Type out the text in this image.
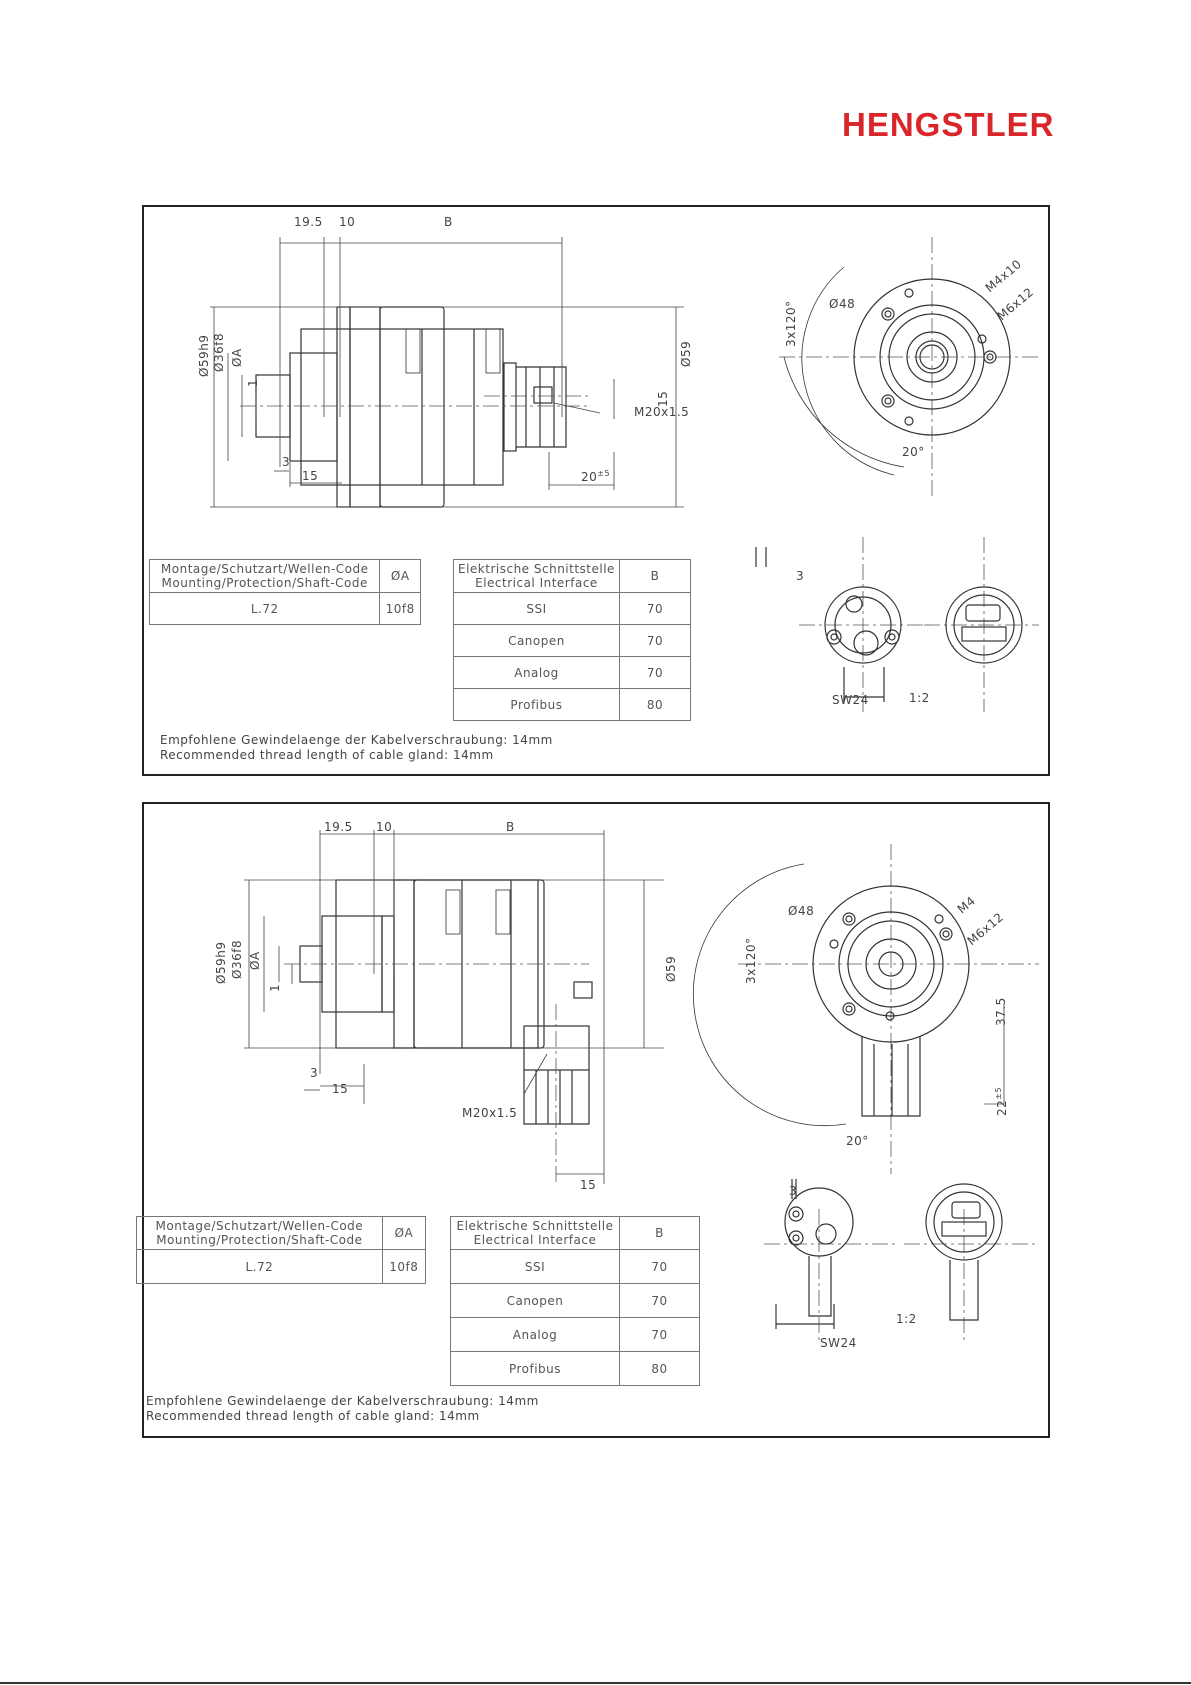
HENGSTLER
19.5 10	B
Ø59h9 Ø36f8 ØA
1
3
15
Ø59
15
M20x1.5
$20^{\pm 5}$
Ø48
M4x10
M6x12
3x120°
20°
3
SW24	1:2
Montage/Schutzart/Wellen-Code
Mounting/Protection/Shaft-Code	ØA
L.72	10f8
Elektrische Schnittstelle
Electrical Interface	B
SSI	70
Canopen	70
Analog	70
Profibus	80
Empfohlene Gewindelaenge der Kabelverschraubung: 14mm
Recommended thread length of cable gland: 14mm
19.5 10	B
Ø59h9 Ø36f8 ØA
1
3
15
Ø59
M20x1.5
15
Ø48	M4
M6x12
3x120°
20°
37.5
$22^{\pm 5}$
3
SW24
1:2
Montage/Schutzart/Wellen-Code
Mounting/Protection/Shaft-Code	ØA
L.72	10f8
Elektrische Schnittstelle
Electrical Interface	B
SSI	70
Canopen	70
Analog	70
Profibus	80
Empfohlene Gewindelaenge der Kabelverschraubung: 14mm
Recommended thread length of cable gland: 14mm
